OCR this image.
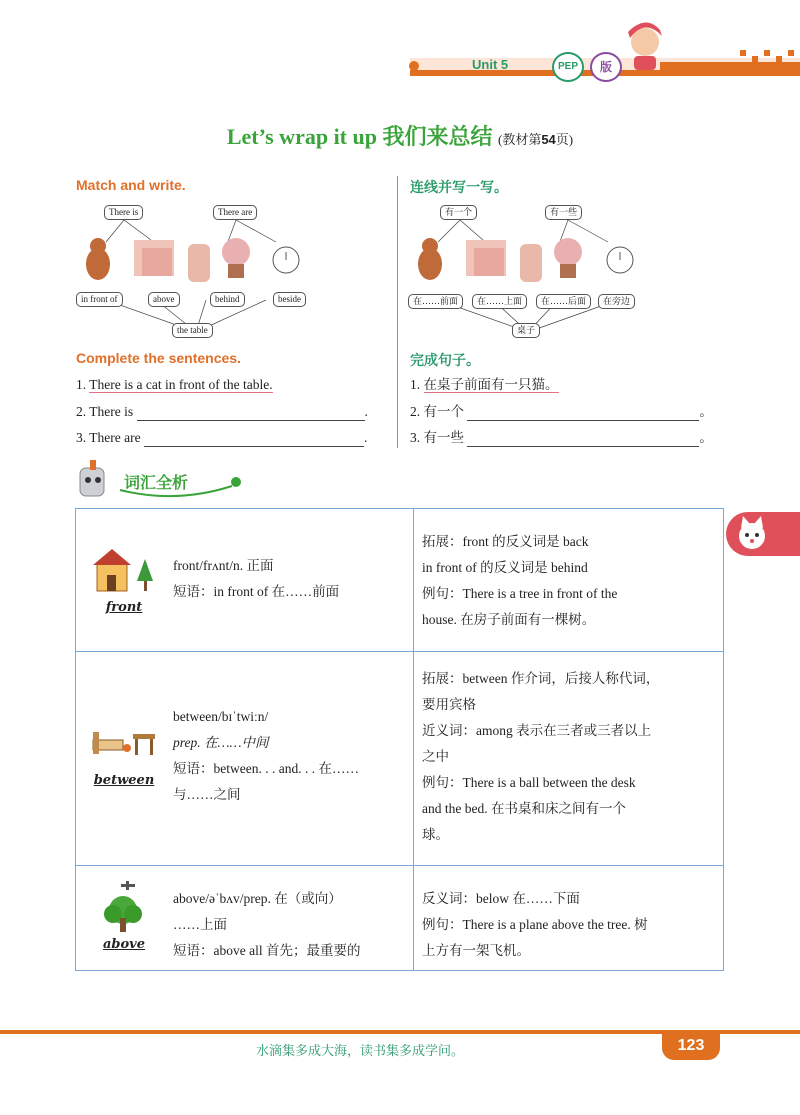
Unit 5	PEP	版
Let’s wrap it up 我们来总结 (教材第54页)
Match and write.
There is	There are
in front of	above	behind	beside
the table
Complete the sentences.
1. There is a cat in front of the table.
2. There is	.
3. There are	.
连线并写一写。
有一个	有一些
在……前面	在……上面	在……后面	在旁边
桌子
完成句子。
1. 在桌子前面有一只猫。
2. 有一个	。
3. 有一些	。
词汇全析
front
front/frʌnt/n. 正面
短语：in front of 在……前面
拓展：front 的反义词是 back
in front of 的反义词是 behind
例句：There is a tree in front of the
house. 在房子前面有一棵树。
between
between/bɪˈtwiːn/
prep. 在……中间
短语：between. . . and. . . 在……
与……之间
拓展：between 作介词，后接人称代词，
要用宾格
近义词：among 表示在三者或三者以上
之中
例句：There is a ball between the desk
and the bed. 在书桌和床之间有一个
球。
above
above/əˈbʌv/prep. 在（或向）
……上面
短语：above all 首先；最重要的
反义词：below 在……下面
例句：There is a plane above the tree. 树
上方有一架飞机。
水滴集多成大海，读书集多成学问。	123
